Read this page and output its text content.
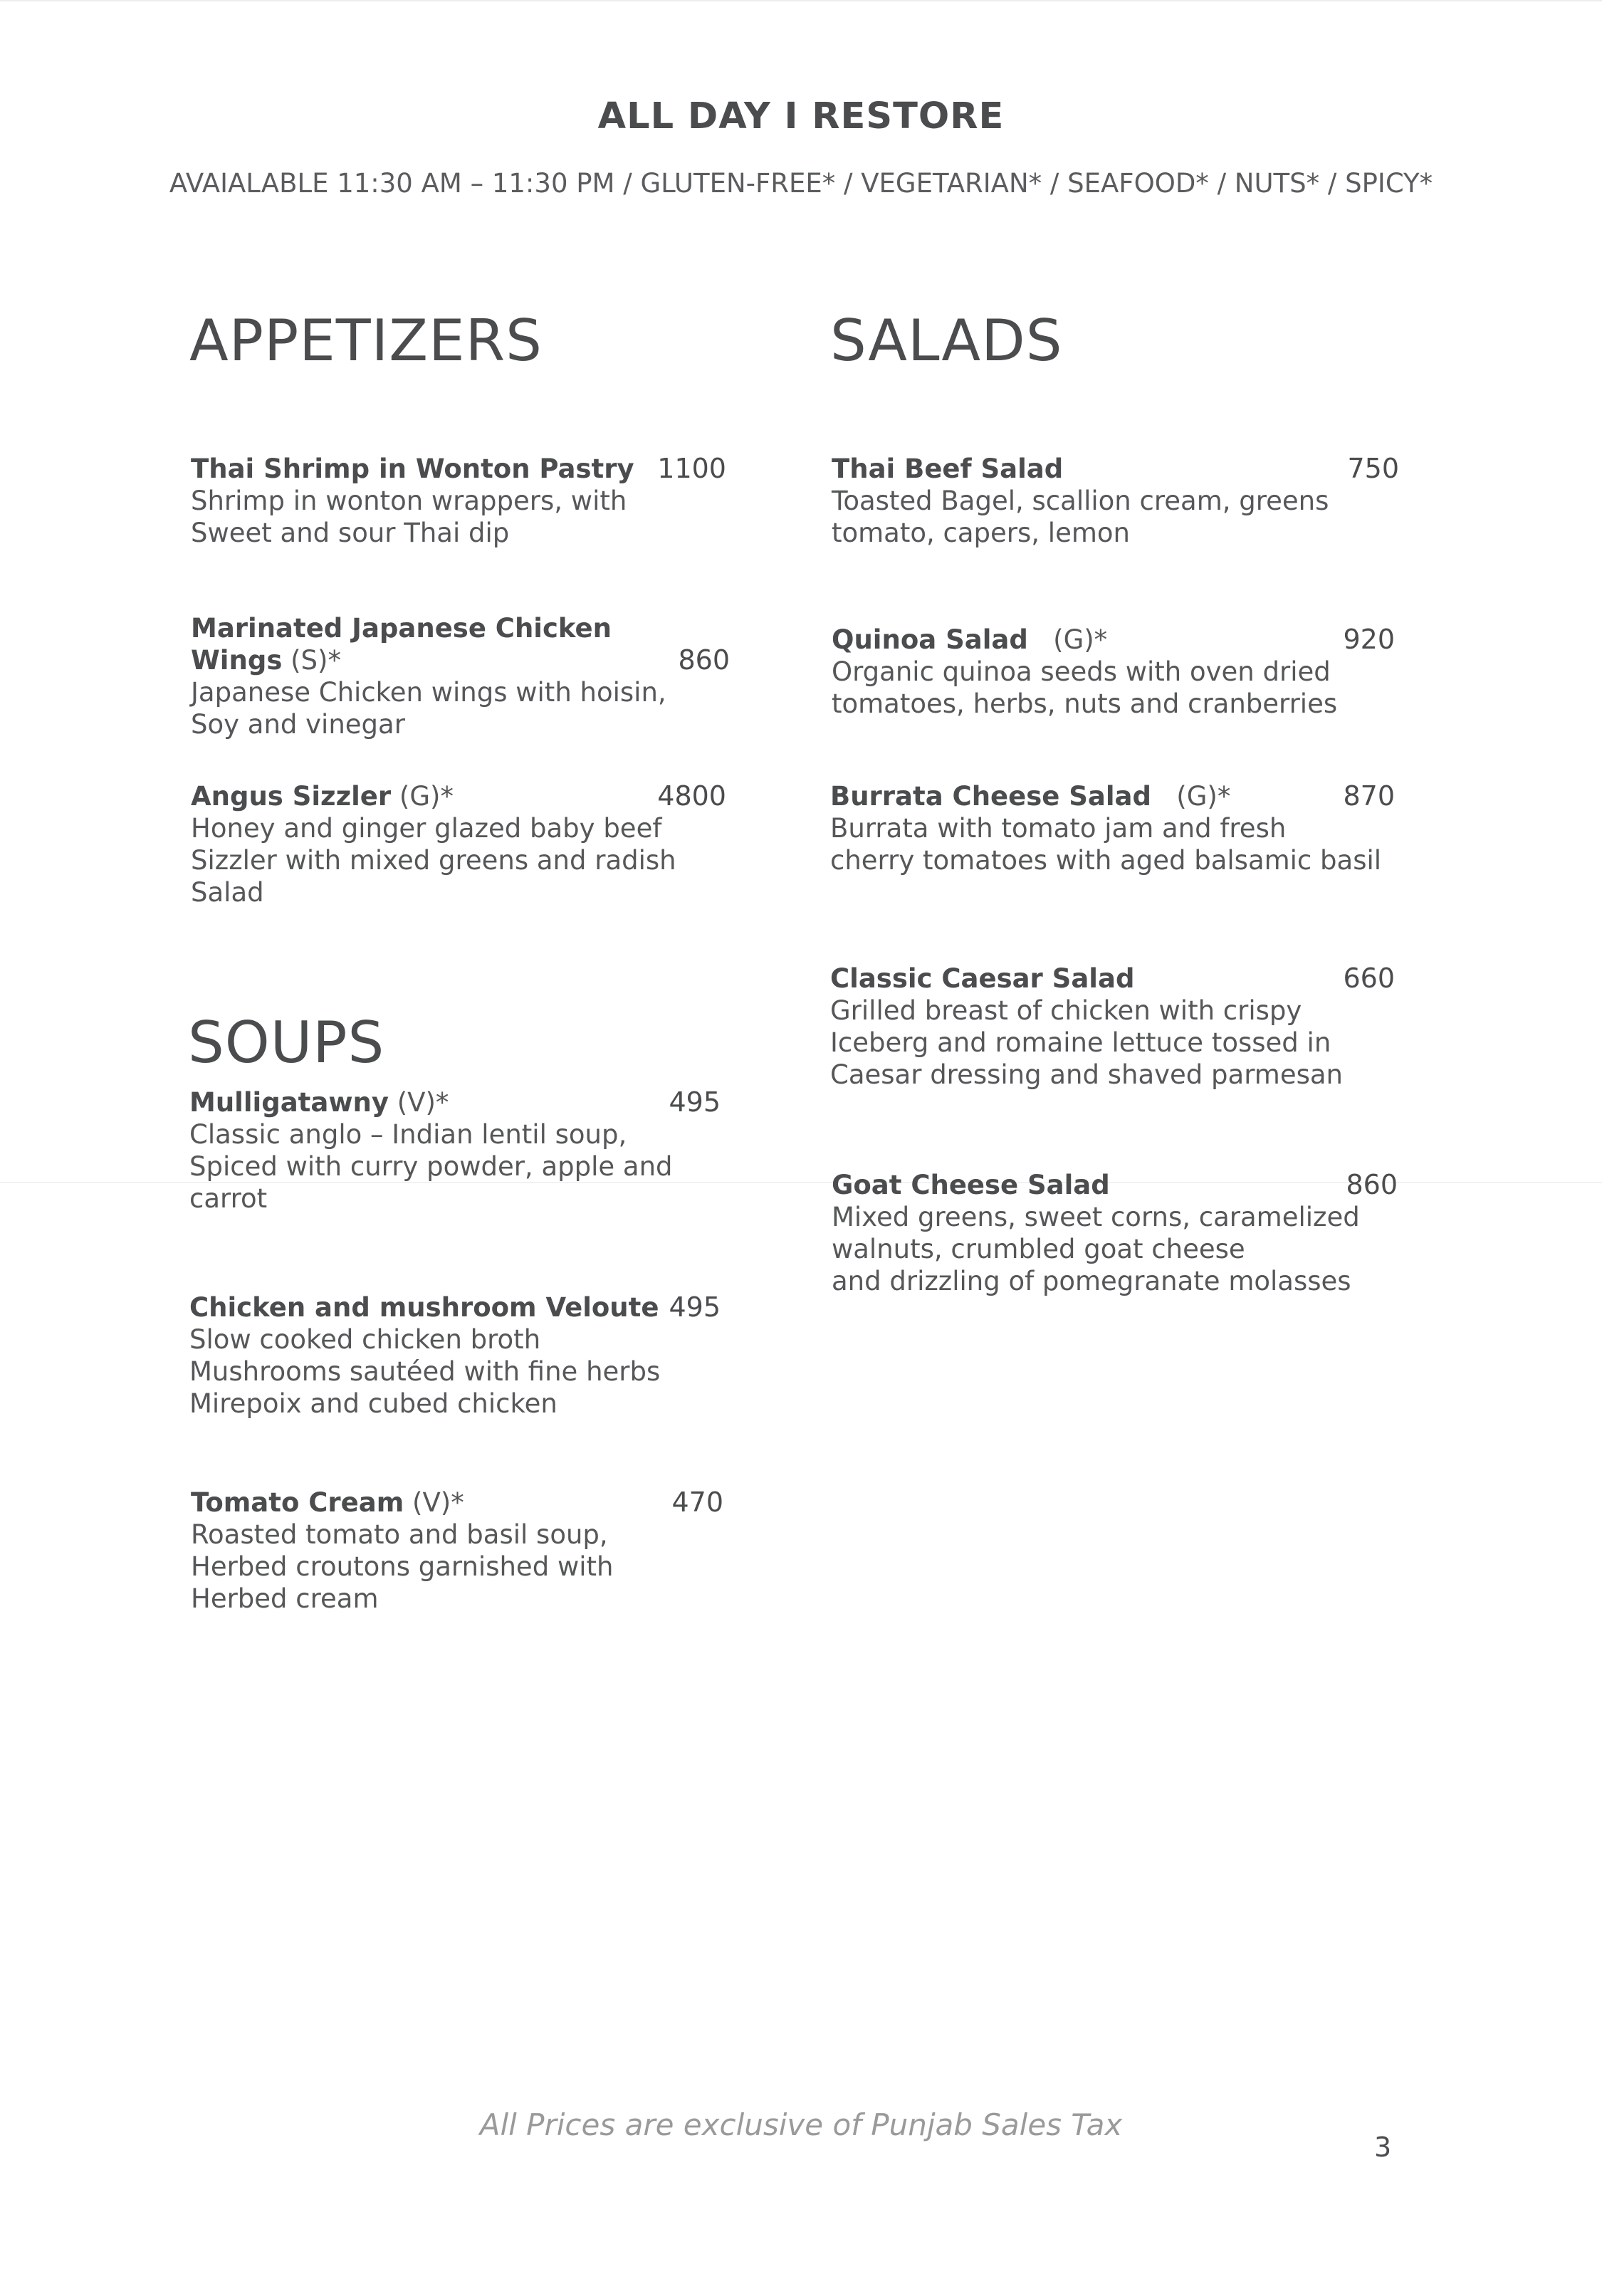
ALL DAY I RESTORE
AVAIALABLE 11:30 AM – 11:30 PM / GLUTEN-FREE* / VEGETARIAN* / SEAFOOD* / NUTS* / SPICY*
APPETIZERS
Thai Shrimp in Wonton Pastry
Shrimp in wonton wrappers, with
Sweet and sour Thai dip
1100
Marinated Japanese Chicken
Wings (S)*
Japanese Chicken wings with hoisin,
Soy and vinegar
860
Angus Sizzler (G)*
Honey and ginger glazed baby beef
Sizzler with mixed greens and radish
Salad
4800
SOUPS
Mulligatawny (V)*
Classic anglo – Indian lentil soup,
Spiced with curry powder, apple and
carrot
495
Chicken and mushroom Veloute
Slow cooked chicken broth
Mushrooms sautéed with fine herbs
Mirepoix and cubed chicken
495
Tomato Cream (V)*
Roasted tomato and basil soup,
Herbed croutons garnished with
Herbed cream
470
SALADS
Thai Beef Salad
Toasted Bagel, scallion cream, greens
tomato, capers, lemon
750
Quinoa Salad (G)*
Organic quinoa seeds with oven dried
tomatoes, herbs, nuts and cranberries
920
Burrata Cheese Salad (G)*
Burrata with tomato jam and fresh
cherry tomatoes with aged balsamic basil
870
Classic Caesar Salad
Grilled breast of chicken with crispy
Iceberg and romaine lettuce tossed in
Caesar dressing and shaved parmesan
660
Goat Cheese Salad
Mixed greens, sweet corns, caramelized
walnuts, crumbled goat cheese
and drizzling of pomegranate molasses
860
3
All Prices are exclusive of Punjab Sales Tax
